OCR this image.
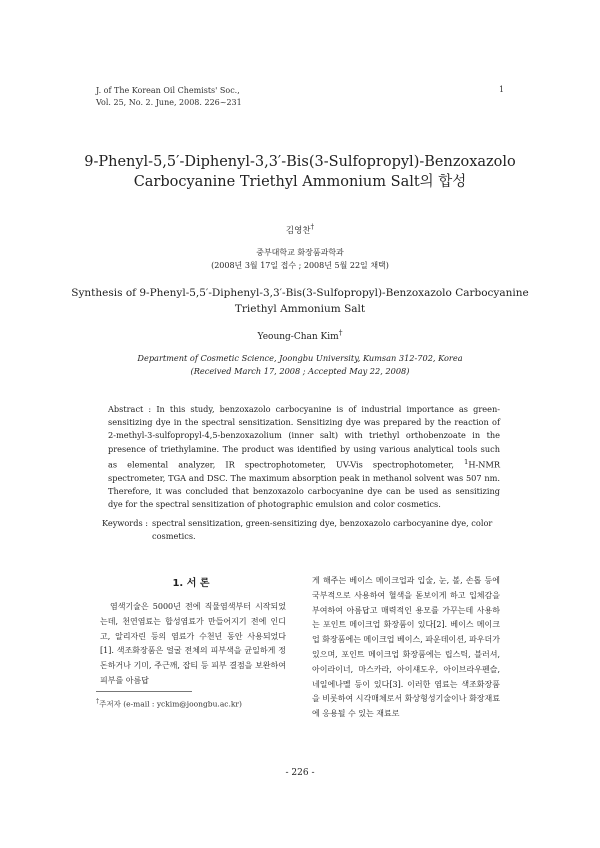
J. of The Korean Oil Chemists' Soc.,
Vol. 25, No. 2. June, 2008. 226~231
1
9-Phenyl-5,5′-Diphenyl-3,3′-Bis(3-Sulfopropyl)-Benzoxazolo Carbocyanine Triethyl Ammonium Salt의 합성
김영찬†
중부대학교 화장품과학과
(2008년 3월 17일 접수 ; 2008년 5월 22일 채택)
Synthesis of 9-Phenyl-5,5′-Diphenyl-3,3′-Bis(3-Sulfopropyl)-Benzoxazolo Carbocyanine Triethyl Ammonium Salt
Yeoung-Chan Kim†
Department of Cosmetic Science, Joongbu University, Kumsan 312-702, Korea
(Received March 17, 2008 ; Accepted May 22, 2008)
Abstract : In this study, benzoxazolo carbocyanine is of industrial importance as green-sensitizing dye in the spectral sensitization. Sensitizing dye was prepared by the reaction of 2-methyl-3-sulfopropyl-4,5-benzoxazolium (inner salt) with triethyl orthobenzoate in the presence of triethylamine. The product was identified by using various analytical tools such as elemental analyzer, IR spectrophotometer, UV-Vis spectrophotometer, $^1$H-NMR spectrometer, TGA and DSC. The maximum absorption peak in methanol solvent was 507 nm. Therefore, it was concluded that benzoxazolo carbocyanine dye can be used as sensitizing dye for the spectral sensitization of photographic emulsion and color cosmetics.
Keywords : spectral sensitization, green-sensitizing dye, benzoxazolo carbocyanine dye, color cosmetics.
1. 서 론
염색기술은 5000년 전에 직물염색부터 시작되었는데, 천연염료는 합성염료가 만들어지기 전에 인디고, 알리자린 등의 염료가 수천년 동안 사용되었다[1]. 색조화장품은 얼굴 전체의 피부색을 균일하게 정돈하거나 기미, 주근깨, 잡티 등 피부 결점을 보완하여 피부를 아름답
게 해주는 베이스 메이크업과 입술, 눈, 볼, 손톱 등에 국부적으로 사용하여 혈색을 돋보이게 하고 입체감을 부여하여 아름답고 매력적인 용모를 가꾸는데 사용하는 포인트 메이크업 화장품이 있다[2]. 베이스 메이크업 화장품에는 메이크업 베이스, 파운데이션, 파우더가 있으며, 포인트 메이크업 화장품에는 립스틱, 블러셔, 아이라이너, 마스카라, 아이섀도우, 아이브라우펜슬, 네일에나멜 등이 있다[3]. 이러한 염료는 색조화장품을 비롯하여 시각매체로서 화상형성기술이나 화장재료에 응용될 수 있는 재료로
†주저자 (e-mail : yckim@joongbu.ac.kr)
- 226 -
